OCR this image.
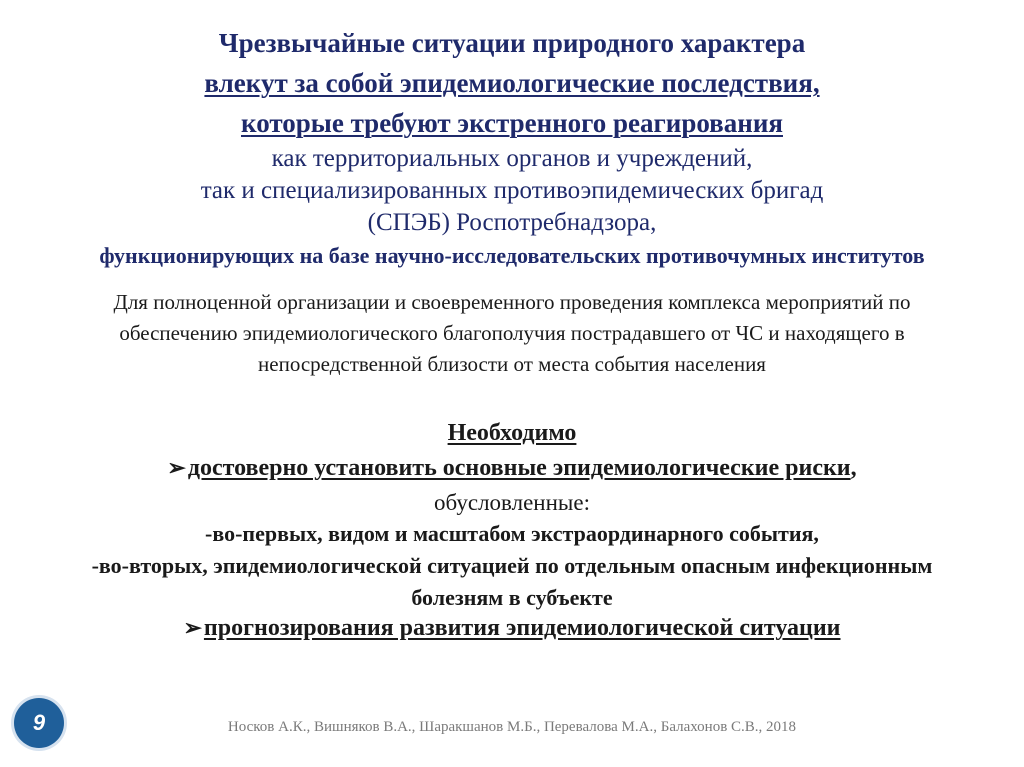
Чрезвычайные ситуации природного характера
влекут за собой эпидемиологические последствия,
которые требуют экстренного реагирования
как территориальных органов и учреждений,
так и специализированных противоэпидемических бригад
(СПЭБ) Роспотребнадзора,
функционирующих на базе научно-исследовательских противочумных институтов
Для полноценной организации и своевременного проведения комплекса мероприятий по
обеспечению эпидемиологического благополучия пострадавшего от ЧС и находящего в
непосредственной близости от места события населения
Необходимо
➢достоверно установить основные эпидемиологические риски,
обусловленные:
-во-первых, видом и масштабом экстраординарного события,
-во-вторых, эпидемиологической ситуацией по отдельным опасным инфекционным
болезням в субъекте
➢прогнозирования развития эпидемиологической ситуации
9	Носков А.К., Вишняков В.А., Шаракшанов М.Б., Перевалова М.А., Балахонов С.В., 2018
